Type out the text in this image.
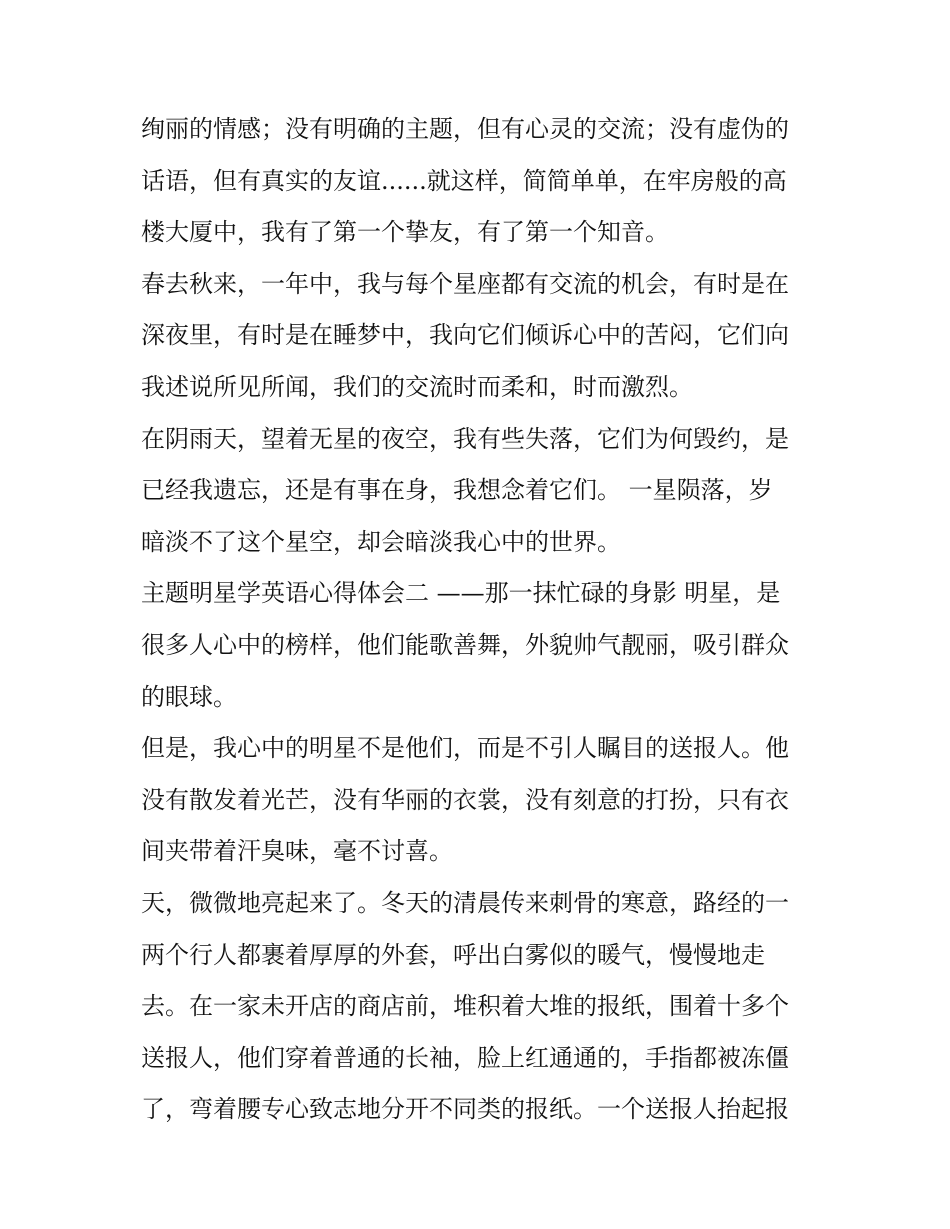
绚丽的情感；没有明确的主题，但有心灵的交流；没有虚伪的
话语，但有真实的友谊......就这样，简简单单，在牢房般的高
楼大厦中，我有了第一个挚友，有了第一个知音。
春去秋来，一年中，我与每个星座都有交流的机会，有时是在
深夜里，有时是在睡梦中，我向它们倾诉心中的苦闷，它们向
我述说所见所闻，我们的交流时而柔和，时而激烈。
在阴雨天，望着无星的夜空，我有些失落，它们为何毁约，是
已经我遗忘，还是有事在身，我想念着它们。 一星陨落，岁
暗淡不了这个星空，却会暗淡我心中的世界。
主题明星学英语心得体会二 ——那一抹忙碌的身影 明星，是
很多人心中的榜样，他们能歌善舞，外貌帅气靓丽，吸引群众
的眼球。
但是，我心中的明星不是他们，而是不引人瞩目的送报人。他
没有散发着光芒，没有华丽的衣裳，没有刻意的打扮，只有衣
间夹带着汗臭味，毫不讨喜。
天，微微地亮起来了。冬天的清晨传来刺骨的寒意，路经的一
两个行人都裹着厚厚的外套，呼出白雾似的暖气，慢慢地走
去。在一家未开店的商店前，堆积着大堆的报纸，围着十多个
送报人，他们穿着普通的长袖，脸上红通通的，手指都被冻僵
了，弯着腰专心致志地分开不同类的报纸。一个送报人抬起报
